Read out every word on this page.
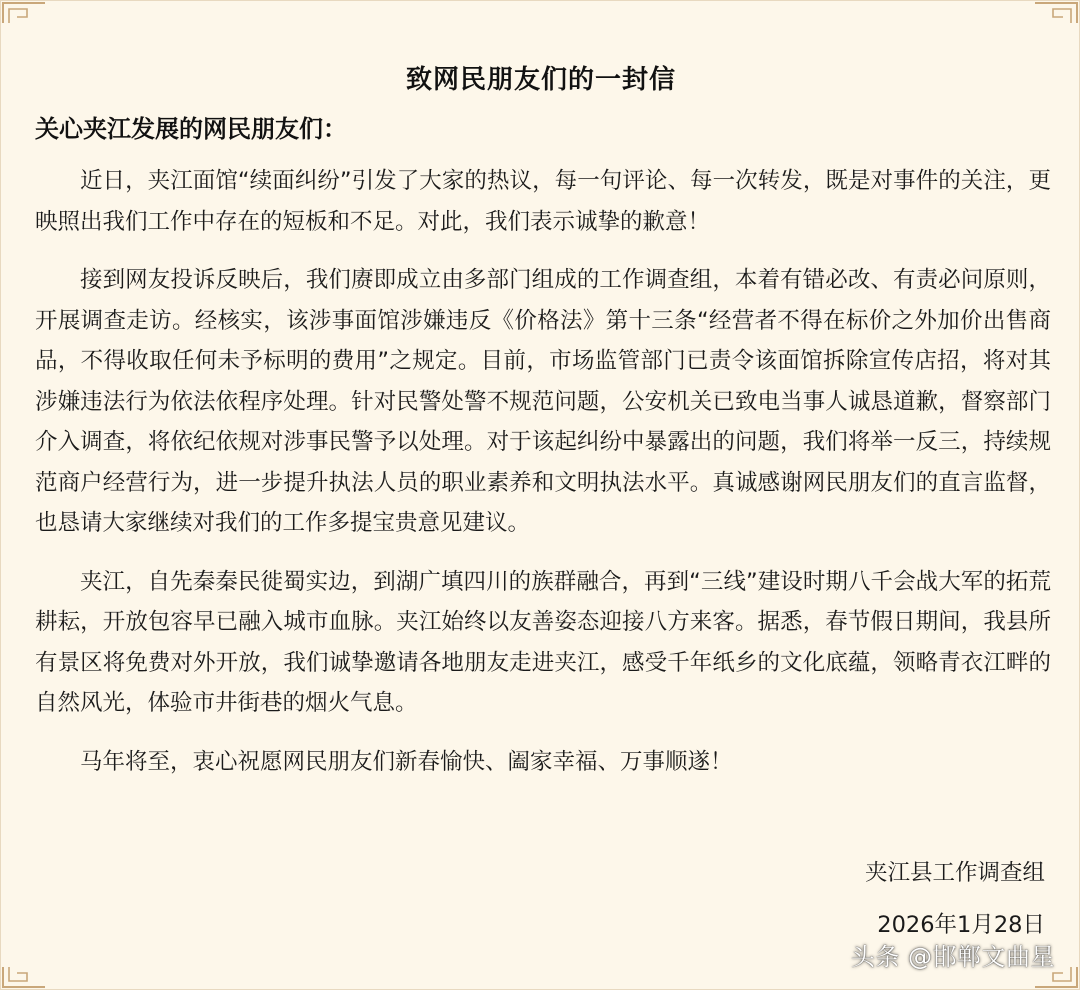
致网民朋友们的一封信
关心夹江发展的网民朋友们：

近日，夹江面馆“续面纠纷”引发了大家的热议，每一句评论、每一次转发，既是对事件的关注，更映照出我们工作中存在的短板和不足。对此，我们表示诚挚的歉意！

接到网友投诉反映后，我们赓即成立由多部门组成的工作调查组，本着有错必改、有责必问原则，开展调查走访。经核实，该涉事面馆涉嫌违反《价格法》第十三条“经营者不得在标价之外加价出售商品，不得收取任何未予标明的费用”之规定。目前，市场监管部门已责令该面馆拆除宣传店招，将对其涉嫌违法行为依法依程序处理。针对民警处警不规范问题，公安机关已致电当事人诚恳道歉，督察部门介入调查，将依纪依规对涉事民警予以处理。对于该起纠纷中暴露出的问题，我们将举一反三，持续规范商户经营行为，进一步提升执法人员的职业素养和文明执法水平。真诚感谢网民朋友们的直言监督，也恳请大家继续对我们的工作多提宝贵意见建议。

夹江，自先秦秦民徙蜀实边，到湖广填四川的族群融合，再到“三线”建设时期八千会战大军的拓荒耕耘，开放包容早已融入城市血脉。夹江始终以友善姿态迎接八方来客。据悉，春节假日期间，我县所有景区将免费对外开放，我们诚挚邀请各地朋友走进夹江，感受千年纸乡的文化底蕴，领略青衣江畔的自然风光，体验市井街巷的烟火气息。

马年将至，衷心祝愿网民朋友们新春愉快、阖家幸福、万事顺遂！

夹江县工作调查组
2026年1月28日
头条 @邯郸文曲星
